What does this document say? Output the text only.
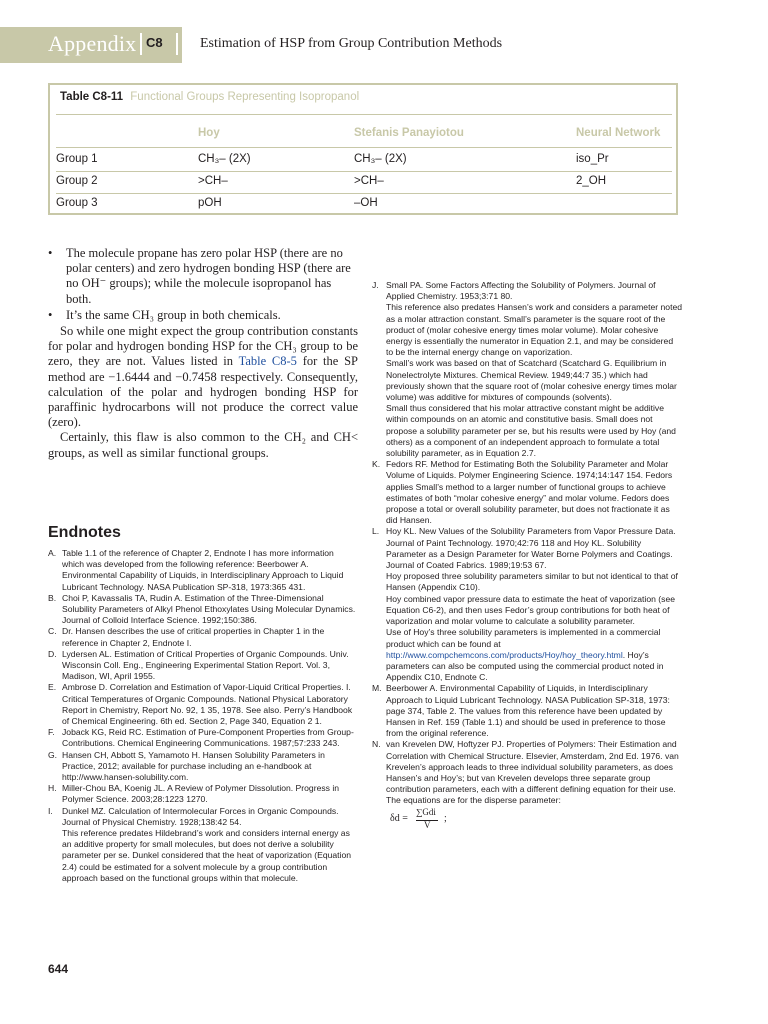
Appendix C8	Estimation of HSP from Group Contribution Methods
Table C8-11 Functional Groups Representing Isopropanol
Hoy	Stefanis Panayiotou	Neural Network
Group 1	CH₃– (2X)	CH₃– (2X)	iso_Pr
Group 2	>CH–	>CH–	2_OH
Group 3	pOH	–OH
• The molecule propane has zero polar HSP (there are no polar centers) and zero hydrogen bonding HSP (there are no OH⁻ groups); while the molecule isopropanol has both.
• It’s the same CH₃ group in both chemicals.

So while one might expect the group contribution constants for polar and hydrogen bonding HSP for the CH₃ group to be zero, they are not. Values listed in Table C8-5 for the SP method are −1.6444 and −0.7458 respectively. Consequently, calculation of the polar and hydrogen bonding HSP for paraffinic hydrocarbons will not produce the correct value (zero).

Certainly, this flaw is also common to the CH₂ and CH< groups, as well as similar functional groups.

Endnotes

A. Table 1.1 of the reference of Chapter 2, Endnote I has more information which was developed from the following reference: Beerbower A. Environmental Capability of Liquids, in Interdisciplinary Approach to Liquid Lubricant Technology. NASA Publication SP-318, 1973:365 431.

B. Choi P, Kavassalis TA, Rudin A. Estimation of the Three-Dimensional Solubility Parameters of Alkyl Phenol Ethoxylates Using Molecular Dynamics. Journal of Colloid Interface Science. 1992;150:386.

C. Dr. Hansen describes the use of critical properties in Chapter 1 in the reference in Chapter 2, Endnote I.

D. Lydersen AL. Estimation of Critical Properties of Organic Compounds. Univ. Wisconsin Coll. Eng., Engineering Experimental Station Report. Vol. 3, Madison, WI, April 1955.

E. Ambrose D. Correlation and Estimation of Vapor-Liquid Critical Properties. I. Critical Temperatures of Organic Compounds. National Physical Laboratory Report in Chemistry, Report No. 92, 1 35, 1978. See also. Perry’s Handbook of Chemical Engineering. 6th ed. Section 2, Page 340, Equation 2 1.

F. Joback KG, Reid RC. Estimation of Pure-Component Properties from Group-Contributions. Chemical Engineering Communications. 1987;57:233 243.

G. Hansen CH, Abbott S, Yamamoto H. Hansen Solubility Parameters in Practice, 2012; available for purchase including an e-handbook at http://www.hansen-solubility.com.

H. Miller-Chou BA, Koenig JL. A Review of Polymer Dissolution. Progress in Polymer Science. 2003;28:1223 1270.

I. Dunkel MZ. Calculation of Intermolecular Forces in Organic Compounds. Journal of Physical Chemistry. 1928;138:42 54.

This reference predates Hildebrand’s work and considers internal energy as an additive property for small molecules, but does not derive a solubility parameter per se. Dunkel considered that the heat of vaporization (Equation 2.4) could be estimated for a solvent molecule by a group contribution approach based on the functional groups within that molecule.

J. Small PA. Some Factors Affecting the Solubility of Polymers. Journal of Applied Chemistry. 1953;3:71 80.

This reference also predates Hansen’s work and considers a parameter noted as a molar attraction constant. Small’s parameter is the square root of the product of (molar cohesive energy times molar volume). Molar cohesive energy is essentially the numerator in Equation 2.1, and may be considered to be the internal energy change on vaporization.

Small’s work was based on that of Scatchard (Scatchard G. Equilibrium in Nonelectrolyte Mixtures. Chemical Review. 1949;44:7 35.) which had previously shown that the square root of (molar cohesive energy times molar volume) was additive for mixtures of compounds (solvents).

Small thus considered that his molar attractive constant might be additive within compounds on an atomic and constitutive basis. Small does not propose a solubility parameter per se, but his results were used by Hoy (and others) as a component of an independent approach to formulate a total solubility parameter, as in Equation 2.7.

K. Fedors RF. Method for Estimating Both the Solubility Parameter and Molar Volume of Liquids. Polymer Engineering Science. 1974;14:147 154. Fedors applies Small’s method to a larger number of functional groups to achieve estimates of both “molar cohesive energy” and molar volume. Fedors does propose a total or overall solubility parameter, but does not fractionate it as did Hansen.

L. Hoy KL. New Values of the Solubility Parameters from Vapor Pressure Data. Journal of Paint Technology. 1970;42:76 118 and Hoy KL. Solubility Parameter as a Design Parameter for Water Borne Polymers and Coatings. Journal of Coated Fabrics. 1989;19:53 67.

Hoy proposed three solubility parameters similar to but not identical to that of Hansen (Appendix C10).

Hoy combined vapor pressure data to estimate the heat of vaporization (see Equation C6-2), and then uses Fedor’s group contributions for both heat of vaporization and molar volume to calculate a solubility parameter.

Use of Hoy’s three solubility parameters is implemented in a commercial product which can be found at http://www.compchemcons.com/products/Hoy/hoy_theory.html. Hoy’s parameters can also be computed using the commercial product noted in Appendix C10, Endnote C.

M. Beerbower A. Environmental Capability of Liquids, in Interdisciplinary Approach to Liquid Lubricant Technology. NASA Publication SP-318, 1973: page 374, Table 2. The values from this reference have been updated by Hansen in Ref. 159 (Table 1.1) and should be used in preference to those from the original reference.

N. van Krevelen DW, Hoftyzer PJ. Properties of Polymers: Their Estimation and Correlation with Chemical Structure. Elsevier, Amsterdam, 2nd Ed. 1976. van Krevelen’s approach leads to three individual solubility parameters, as does Hansen’s and Hoy’s; but van Krevelen develops three separate group contribution parameters, each with a different defining equation for their use. The equations are for the disperse parameter:

δd =
∑Gdi
V
;
644
